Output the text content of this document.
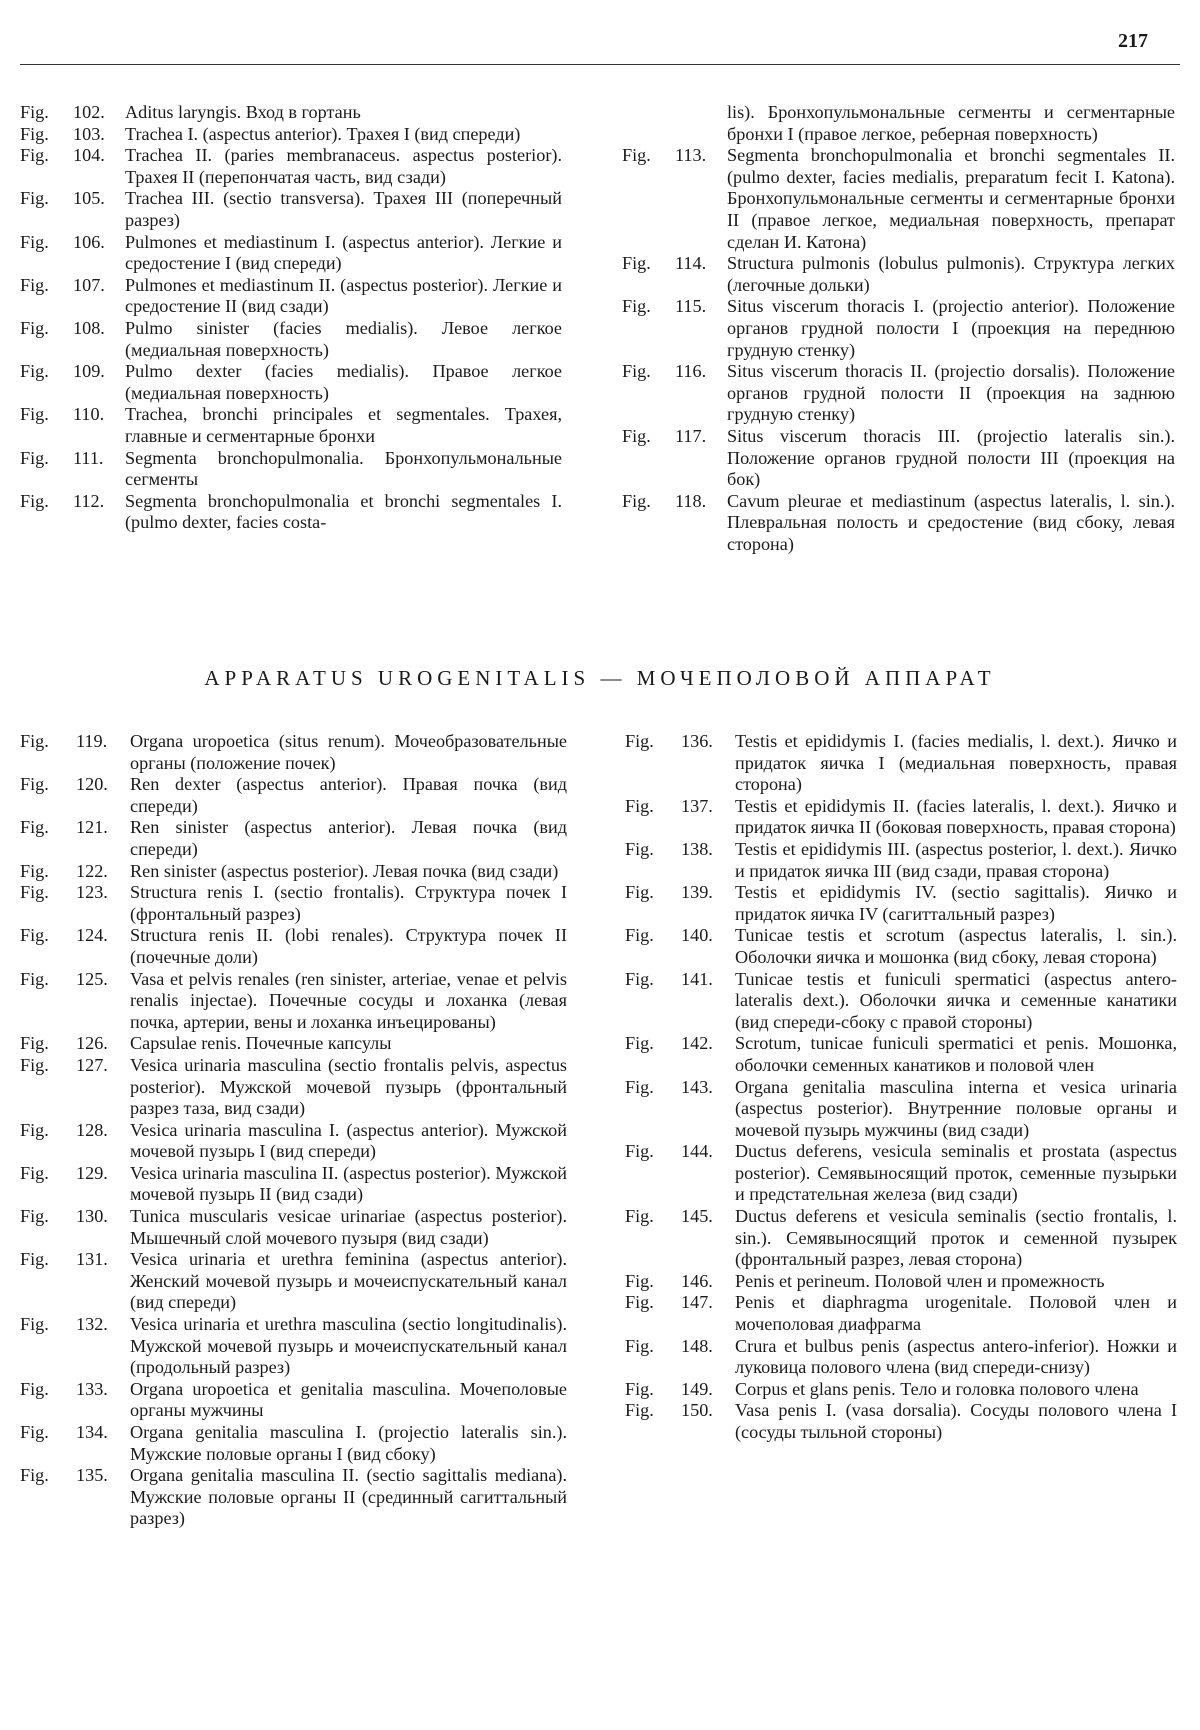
217
Fig.	102.	Aditus laryngis. Вход в гортань
Fig.	103.	Trachea I. (aspectus anterior). Трахея I (вид спереди)
Fig.	104.	Trachea II. (paries membranaceus. aspectus posterior). Трахея II (перепончатая часть, вид сзади)
Fig.	105.	Trachea III. (sectio transversa). Трахея III (поперечный разрез)
Fig.	106.	Pulmones et mediastinum I. (aspectus anterior). Легкие и средостение I (вид спереди)
Fig.	107.	Pulmones et mediastinum II. (aspectus posterior). Легкие и средостение II (вид сзади)
Fig.	108.	Pulmo sinister (facies medialis). Левое легкое (медиальная поверхность)
Fig.	109.	Pulmo dexter (facies medialis). Правое легкое (медиальная поверхность)
Fig.	110.	Trachea, bronchi principales et segmentales. Трахея, главные и сегментарные бронхи
Fig.	111.	Segmenta bronchopulmonalia. Бронхопульмональные сегменты
Fig.	112.	Segmenta bronchopulmonalia et bronchi segmentales I. (pulmo dexter, facies costa-
lis). Бронхопульмональные сегменты и сегментарные бронхи I (правое легкое, реберная поверхность)
Fig.	113.	Segmenta bronchopulmonalia et bronchi segmentales II. (pulmo dexter, facies medialis, preparatum fecit I. Katona). Бронхопульмональные сегменты и сегментарные бронхи II (правое легкое, медиальная поверхность, препарат сделан И. Катона)
Fig.	114.	Structura pulmonis (lobulus pulmonis). Структура легких (легочные дольки)
Fig.	115.	Situs viscerum thoracis I. (projectio anterior). Положение органов грудной полости I (проекция на переднюю грудную стенку)
Fig.	116.	Situs viscerum thoracis II. (projectio dorsalis). Положение органов грудной полости II (проекция на заднюю грудную стенку)
Fig.	117.	Situs viscerum thoracis III. (projectio lateralis sin.). Положение органов грудной полости III (проекция на бок)
Fig.	118.	Cavum pleurae et mediastinum (aspectus lateralis, l. sin.). Плевральная полость и средостение (вид сбоку, левая сторона)
APPARATUS UROGENITALIS — МОЧЕПОЛОВОЙ АППАРАТ
Fig.	119.	Organa uropoetica (situs renum). Мочеобразовательные органы (положение почек)
Fig.	120.	Ren dexter (aspectus anterior). Правая почка (вид спереди)
Fig.	121.	Ren sinister (aspectus anterior). Левая почка (вид спереди)
Fig.	122.	Ren sinister (aspectus posterior). Левая почка (вид сзади)
Fig.	123.	Structura renis I. (sectio frontalis). Структура почек I (фронтальный разрез)
Fig.	124.	Structura renis II. (lobi renales). Структура почек II (почечные доли)
Fig.	125.	Vasa et pelvis renales (ren sinister, arteriae, venae et pelvis renalis injectae). Почечные сосуды и лоханка (левая почка, артерии, вены и лоханка инъецированы)
Fig.	126.	Capsulae renis. Почечные капсулы
Fig.	127.	Vesica urinaria masculina (sectio frontalis pelvis, aspectus posterior). Мужской мочевой пузырь (фронтальный разрез таза, вид сзади)
Fig.	128.	Vesica urinaria masculina I. (aspectus anterior). Мужской мочевой пузырь I (вид спереди)
Fig.	129.	Vesica urinaria masculina II. (aspectus posterior). Мужской мочевой пузырь II (вид сзади)
Fig.	130.	Tunica muscularis vesicae urinariae (aspectus posterior). Мышечный слой мочевого пузыря (вид сзади)
Fig.	131.	Vesica urinaria et urethra feminina (aspectus anterior). Женский мочевой пузырь и мочеиспускательный канал (вид спереди)
Fig.	132.	Vesica urinaria et urethra masculina (sectio longitudinalis). Мужской мочевой пузырь и мочеиспускательный канал (продольный разрез)
Fig.	133.	Organa uropoetica et genitalia masculina. Мочеполовые органы мужчины
Fig.	134.	Organa genitalia masculina I. (projectio lateralis sin.). Мужские половые органы I (вид сбоку)
Fig.	135.	Organa genitalia masculina II. (sectio sagittalis mediana). Мужские половые органы II (срединный сагиттальный разрез)
Fig.	136.	Testis et epididymis I. (facies medialis, l. dext.). Яичко и придаток яичка I (медиальная поверхность, правая сторона)
Fig.	137.	Testis et epididymis II. (facies lateralis, l. dext.). Яичко и придаток яичка II (боковая поверхность, правая сторона)
Fig.	138.	Testis et epididymis III. (aspectus posterior, l. dext.). Яичко и придаток яичка III (вид сзади, правая сторона)
Fig.	139.	Testis et epididymis IV. (sectio sagittalis). Яичко и придаток яичка IV (сагиттальный разрез)
Fig.	140.	Tunicae testis et scrotum (aspectus lateralis, l. sin.). Оболочки яичка и мошонка (вид сбоку, левая сторона)
Fig.	141.	Tunicae testis et funiculi spermatici (aspectus antero-lateralis dext.). Оболочки яичка и семенные канатики (вид спереди-сбоку с правой стороны)
Fig.	142.	Scrotum, tunicae funiculi spermatici et penis. Мошонка, оболочки семенных канатиков и половой член
Fig.	143.	Organa genitalia masculina interna et vesica urinaria (aspectus posterior). Внутренние половые органы и мочевой пузырь мужчины (вид сзади)
Fig.	144.	Ductus deferens, vesicula seminalis et prostata (aspectus posterior). Семявыносящий проток, семенные пузырьки и предстательная железа (вид сзади)
Fig.	145.	Ductus deferens et vesicula seminalis (sectio frontalis, l. sin.). Семявыносящий проток и семенной пузырек (фронтальный разрез, левая сторона)
Fig.	146.	Penis et perineum. Половой член и промежность
Fig.	147.	Penis et diaphragma urogenitale. Половой член и мочеполовая диафрагма
Fig.	148.	Crura et bulbus penis (aspectus antero-inferior). Ножки и луковица полового члена (вид спереди-снизу)
Fig.	149.	Corpus et glans penis. Тело и головка полового члена
Fig.	150.	Vasa penis I. (vasa dorsalia). Сосуды полового члена I (сосуды тыльной стороны)
